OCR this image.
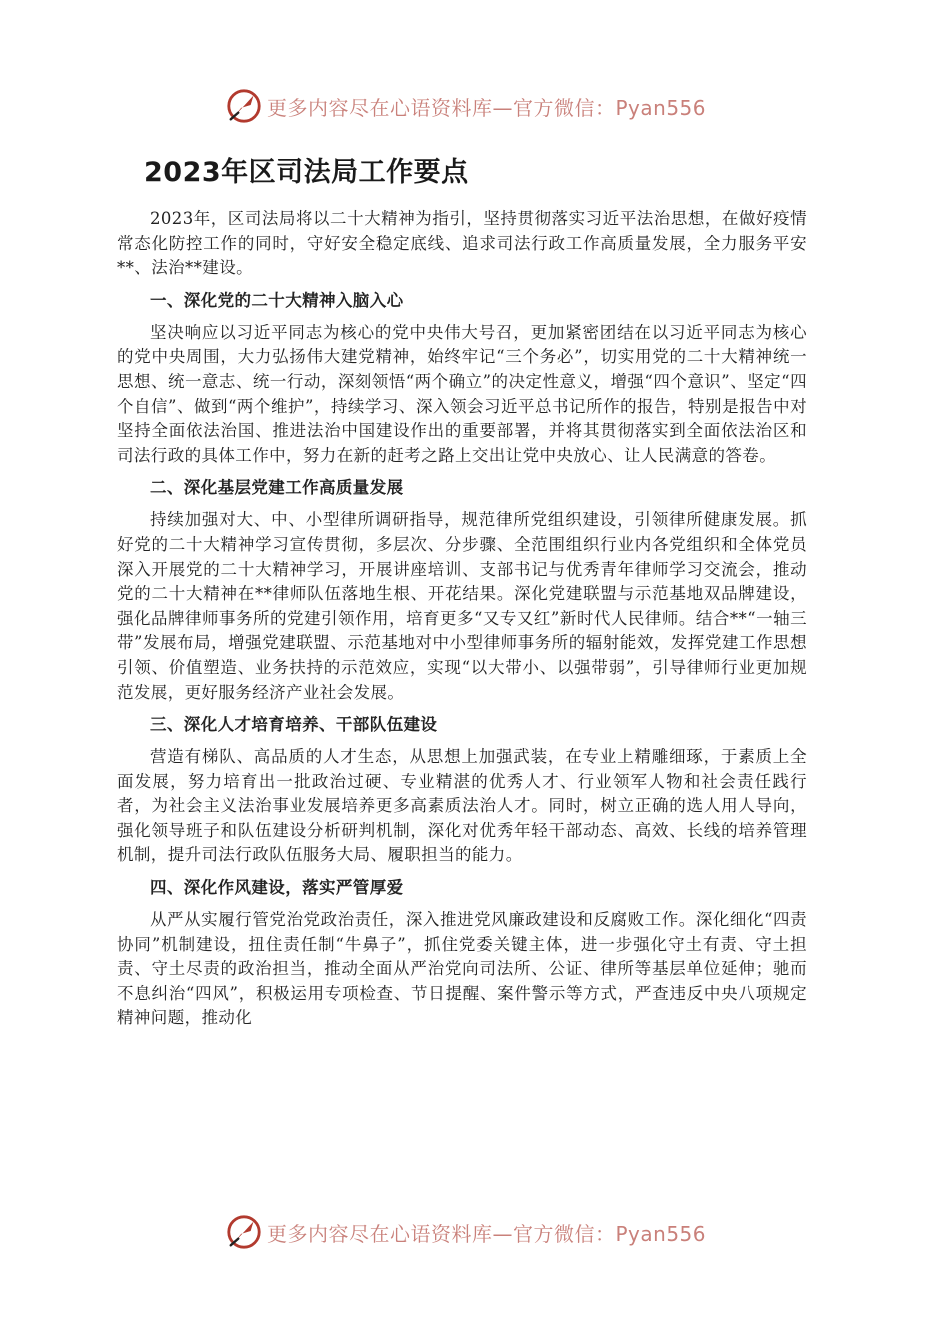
更多内容尽在心语资料库—官方微信：Pyan556
2023年区司法局工作要点

2023年，区司法局将以二十大精神为指引，坚持贯彻落实习近平法治思想，在做好疫情常态化防控工作的同时，守好安全稳定底线、追求司法行政工作高质量发展，全力服务平安**、法治**建设。

一、深化党的二十大精神入脑入心

坚决响应以习近平同志为核心的党中央伟大号召，更加紧密团结在以习近平同志为核心的党中央周围，大力弘扬伟大建党精神，始终牢记“三个务必”，切实用党的二十大精神统一思想、统一意志、统一行动，深刻领悟“两个确立”的决定性意义，增强“四个意识”、坚定“四个自信”、做到“两个维护”，持续学习、深入领会习近平总书记所作的报告，特别是报告中对坚持全面依法治国、推进法治中国建设作出的重要部署，并将其贯彻落实到全面依法治区和司法行政的具体工作中，努力在新的赶考之路上交出让党中央放心、让人民满意的答卷。

二、深化基层党建工作高质量发展

持续加强对大、中、小型律所调研指导，规范律所党组织建设，引领律所健康发展。抓好党的二十大精神学习宣传贯彻，多层次、分步骤、全范围组织行业内各党组织和全体党员深入开展党的二十大精神学习，开展讲座培训、支部书记与优秀青年律师学习交流会，推动党的二十大精神在**律师队伍落地生根、开花结果。深化党建联盟与示范基地双品牌建设，强化品牌律师事务所的党建引领作用，培育更多“又专又红”新时代人民律师。结合**“一轴三带”发展布局，增强党建联盟、示范基地对中小型律师事务所的辐射能效，发挥党建工作思想引领、价值塑造、业务扶持的示范效应，实现“以大带小、以强带弱”，引导律师行业更加规范发展，更好服务经济产业社会发展。

三、深化人才培育培养、干部队伍建设

营造有梯队、高品质的人才生态，从思想上加强武装，在专业上精雕细琢，于素质上全面发展，努力培育出一批政治过硬、专业精湛的优秀人才、行业领军人物和社会责任践行者，为社会主义法治事业发展培养更多高素质法治人才。同时，树立正确的选人用人导向，强化领导班子和队伍建设分析研判机制，深化对优秀年轻干部动态、高效、长线的培养管理机制，提升司法行政队伍服务大局、履职担当的能力。

四、深化作风建设，落实严管厚爱

从严从实履行管党治党政治责任，深入推进党风廉政建设和反腐败工作。深化细化“四责协同”机制建设，扭住责任制“牛鼻子”，抓住党委关键主体，进一步强化守土有责、守土担责、守土尽责的政治担当，推动全面从严治党向司法所、公证、律所等基层单位延伸；驰而不息纠治“四风”，积极运用专项检查、节日提醒、案件警示等方式，严查违反中央八项规定精神问题，推动化

更多内容尽在心语资料库—官方微信：Pyan556
